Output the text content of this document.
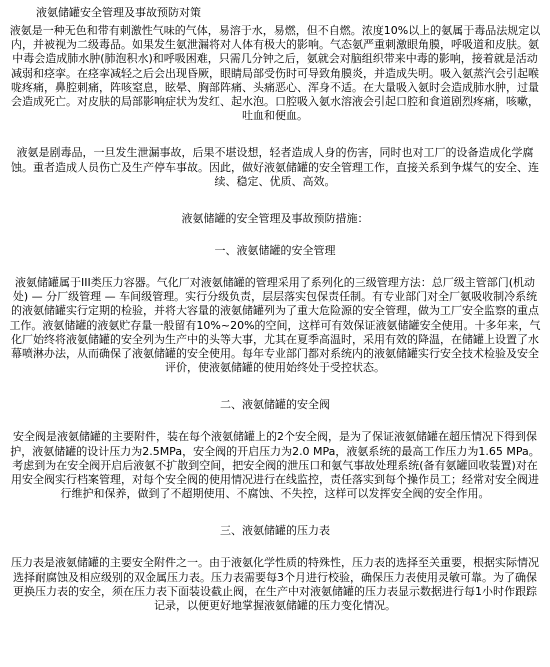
液氨储罐安全管理及事故预防对策

液氨是一种无色和带有刺激性气味的气体，易溶于水，易燃，但不自燃。浓度10%以上的氨属于毒品法规定以内，并被视为二级毒品。如果发生氨泄漏将对人体有极大的影响。气态氨严重刺激眼角膜，呼吸道和皮肤。氨中毒会造成肺水肿(肺泡积水)和呼吸困难，只需几分钟之后，氨就会对脑组织带来中毒的影响，接着就是活动减弱和痉挛。在痉挛减轻之后会出现昏厥，眼睛局部受伤时可导致角膜炎，并造成失明。吸入氨蒸汽会引起喉咙疼痛，鼻腔刺痛，阵咳窒息，眩晕、胸部阵痛、头痛恶心、浑身不适。在大量吸入氨时会造成肺水肿，过量会造成死亡。对皮肤的局部影响症状为发红、起水泡。口腔吸入氨水溶液会引起口腔和食道剧烈疼痛，咳嗽，吐血和便血。

液氨是剧毒品，一旦发生泄漏事故，后果不堪设想，轻者造成人身的伤害，同时也对工厂的设备造成化学腐蚀。重者造成人员伤亡及生产停车事故。因此，做好液氨储罐的安全管理工作，直接关系到争煤气的安全、连续、稳定、优质、高效。

液氨储罐的安全管理及事故预防措施：
一、液氨储罐的安全管理

液氨储罐属于III类压力容器。气化厂对液氨储罐的管理采用了系列化的三级管理方法：总厂级主管部门(机动处) — 分厂级管理 — 车间级管理。实行分级负责，层层落实包保责任制。有专业部门对全厂氨吸收制冷系统的液氨储罐实行定期的检验，并将大容量的液氨储罐列为了重大危险源的安全管理，做为工厂安全监察的重点工作。液氨储罐的液氨贮存量一般留有10%~20%的空间，这样可有效保证液氨储罐安全使用。十多年来，气化厂始终将液氨储罐的安全列为生产中的头等大事，尤其在夏季高温时，采用有效的降温，在储罐上设置了水幕喷淋办法，从而确保了液氨储罐的安全使用。每年专业部门都对系统内的液氨储罐实行安全技术检验及安全评价，使液氨储罐的使用始终处于受控状态。

二、液氨储罐的安全阀

安全阀是液氨储罐的主要附件，装在每个液氨储罐上的2个安全阀，是为了保证液氨储罐在超压情况下得到保护，液氨储罐的设计压力为2.5MPa，安全阀的开启压力为2.0 MPa，液氨系统的最高工作压力为1.65 MPa。考虑到为在安全阀开启后液氨不扩散到空间，把安全阀的泄压口和氨气事故处理系统(备有氨罐回收装置)对在用安全阀实行档案管理，对每个安全阀的使用情况进行在线监控，责任落实到每个操作员工；经常对安全阀进行维护和保养，做到了不超期使用、不腐蚀、不失控，这样可以发挥安全阀的安全作用。

三、液氨储罐的压力表

压力表是液氨储罐的主要安全附件之一。由于液氨化学性质的特殊性，压力表的选择至关重要，根据实际情况选择耐腐蚀及相应级别的双金属压力表。压力表需要每3个月进行校验，确保压力表使用灵敏可靠。为了确保更换压力表的安全，须在压力表下面装设截止阀，在生产中对液氨储罐的压力表显示数据进行每1小时作跟踪记录，以便更好地掌握液氨储罐的压力变化情况。
